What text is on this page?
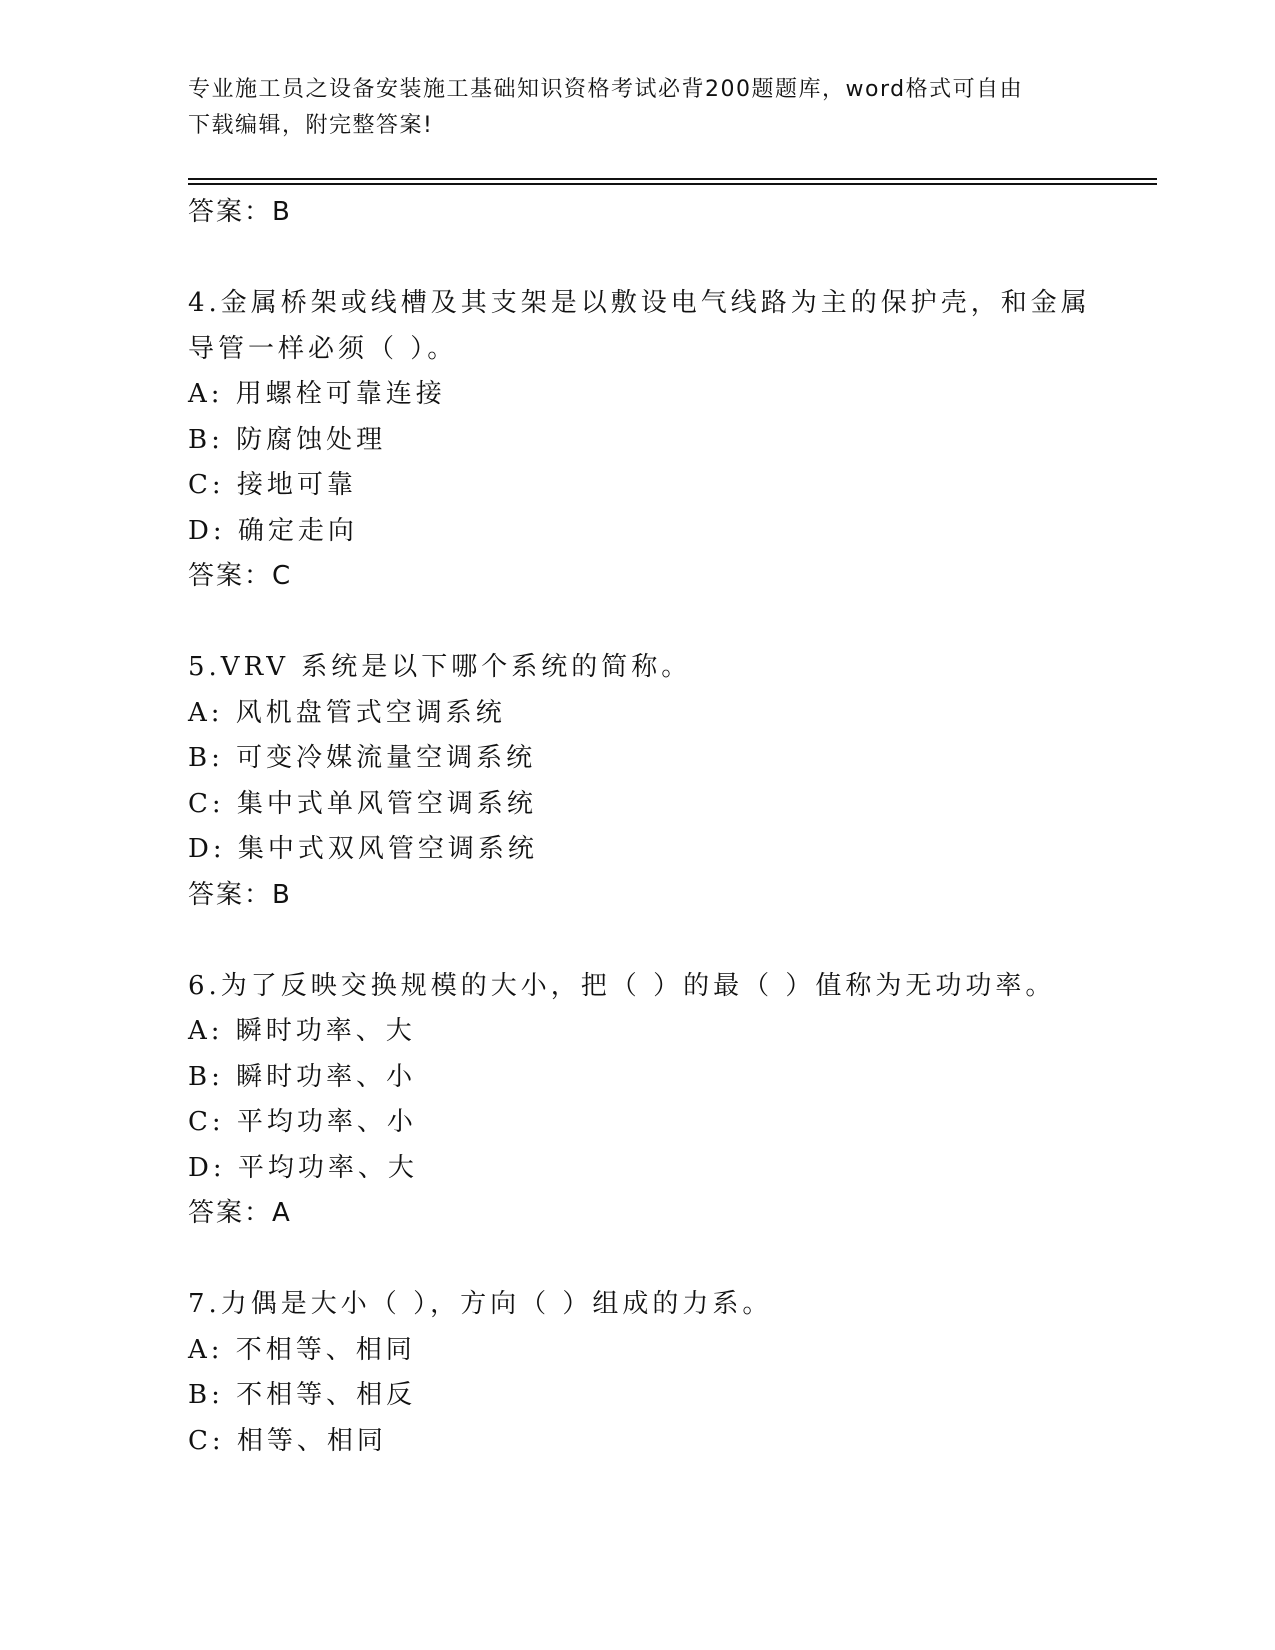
专业施工员之设备安装施工基础知识资格考试必背200题题库，word格式可自由
下载编辑，附完整答案!
答案：B
4.金属桥架或线槽及其支架是以敷设电气线路为主的保护壳，和金属
导管一样必须（ ）。
A: 用螺栓可靠连接
B: 防腐蚀处理
C: 接地可靠
D: 确定走向
答案：C
5.VRV 系统是以下哪个系统的简称。
A: 风机盘管式空调系统
B: 可变冷媒流量空调系统
C: 集中式单风管空调系统
D: 集中式双风管空调系统
答案：B
6.为了反映交换规模的大小，把（ ）的最（ ）值称为无功功率。
A: 瞬时功率、大
B: 瞬时功率、小
C: 平均功率、小
D: 平均功率、大
答案：A
7.力偶是大小（ ），方向（ ）组成的力系。
A: 不相等、相同
B: 不相等、相反
C: 相等、相同
